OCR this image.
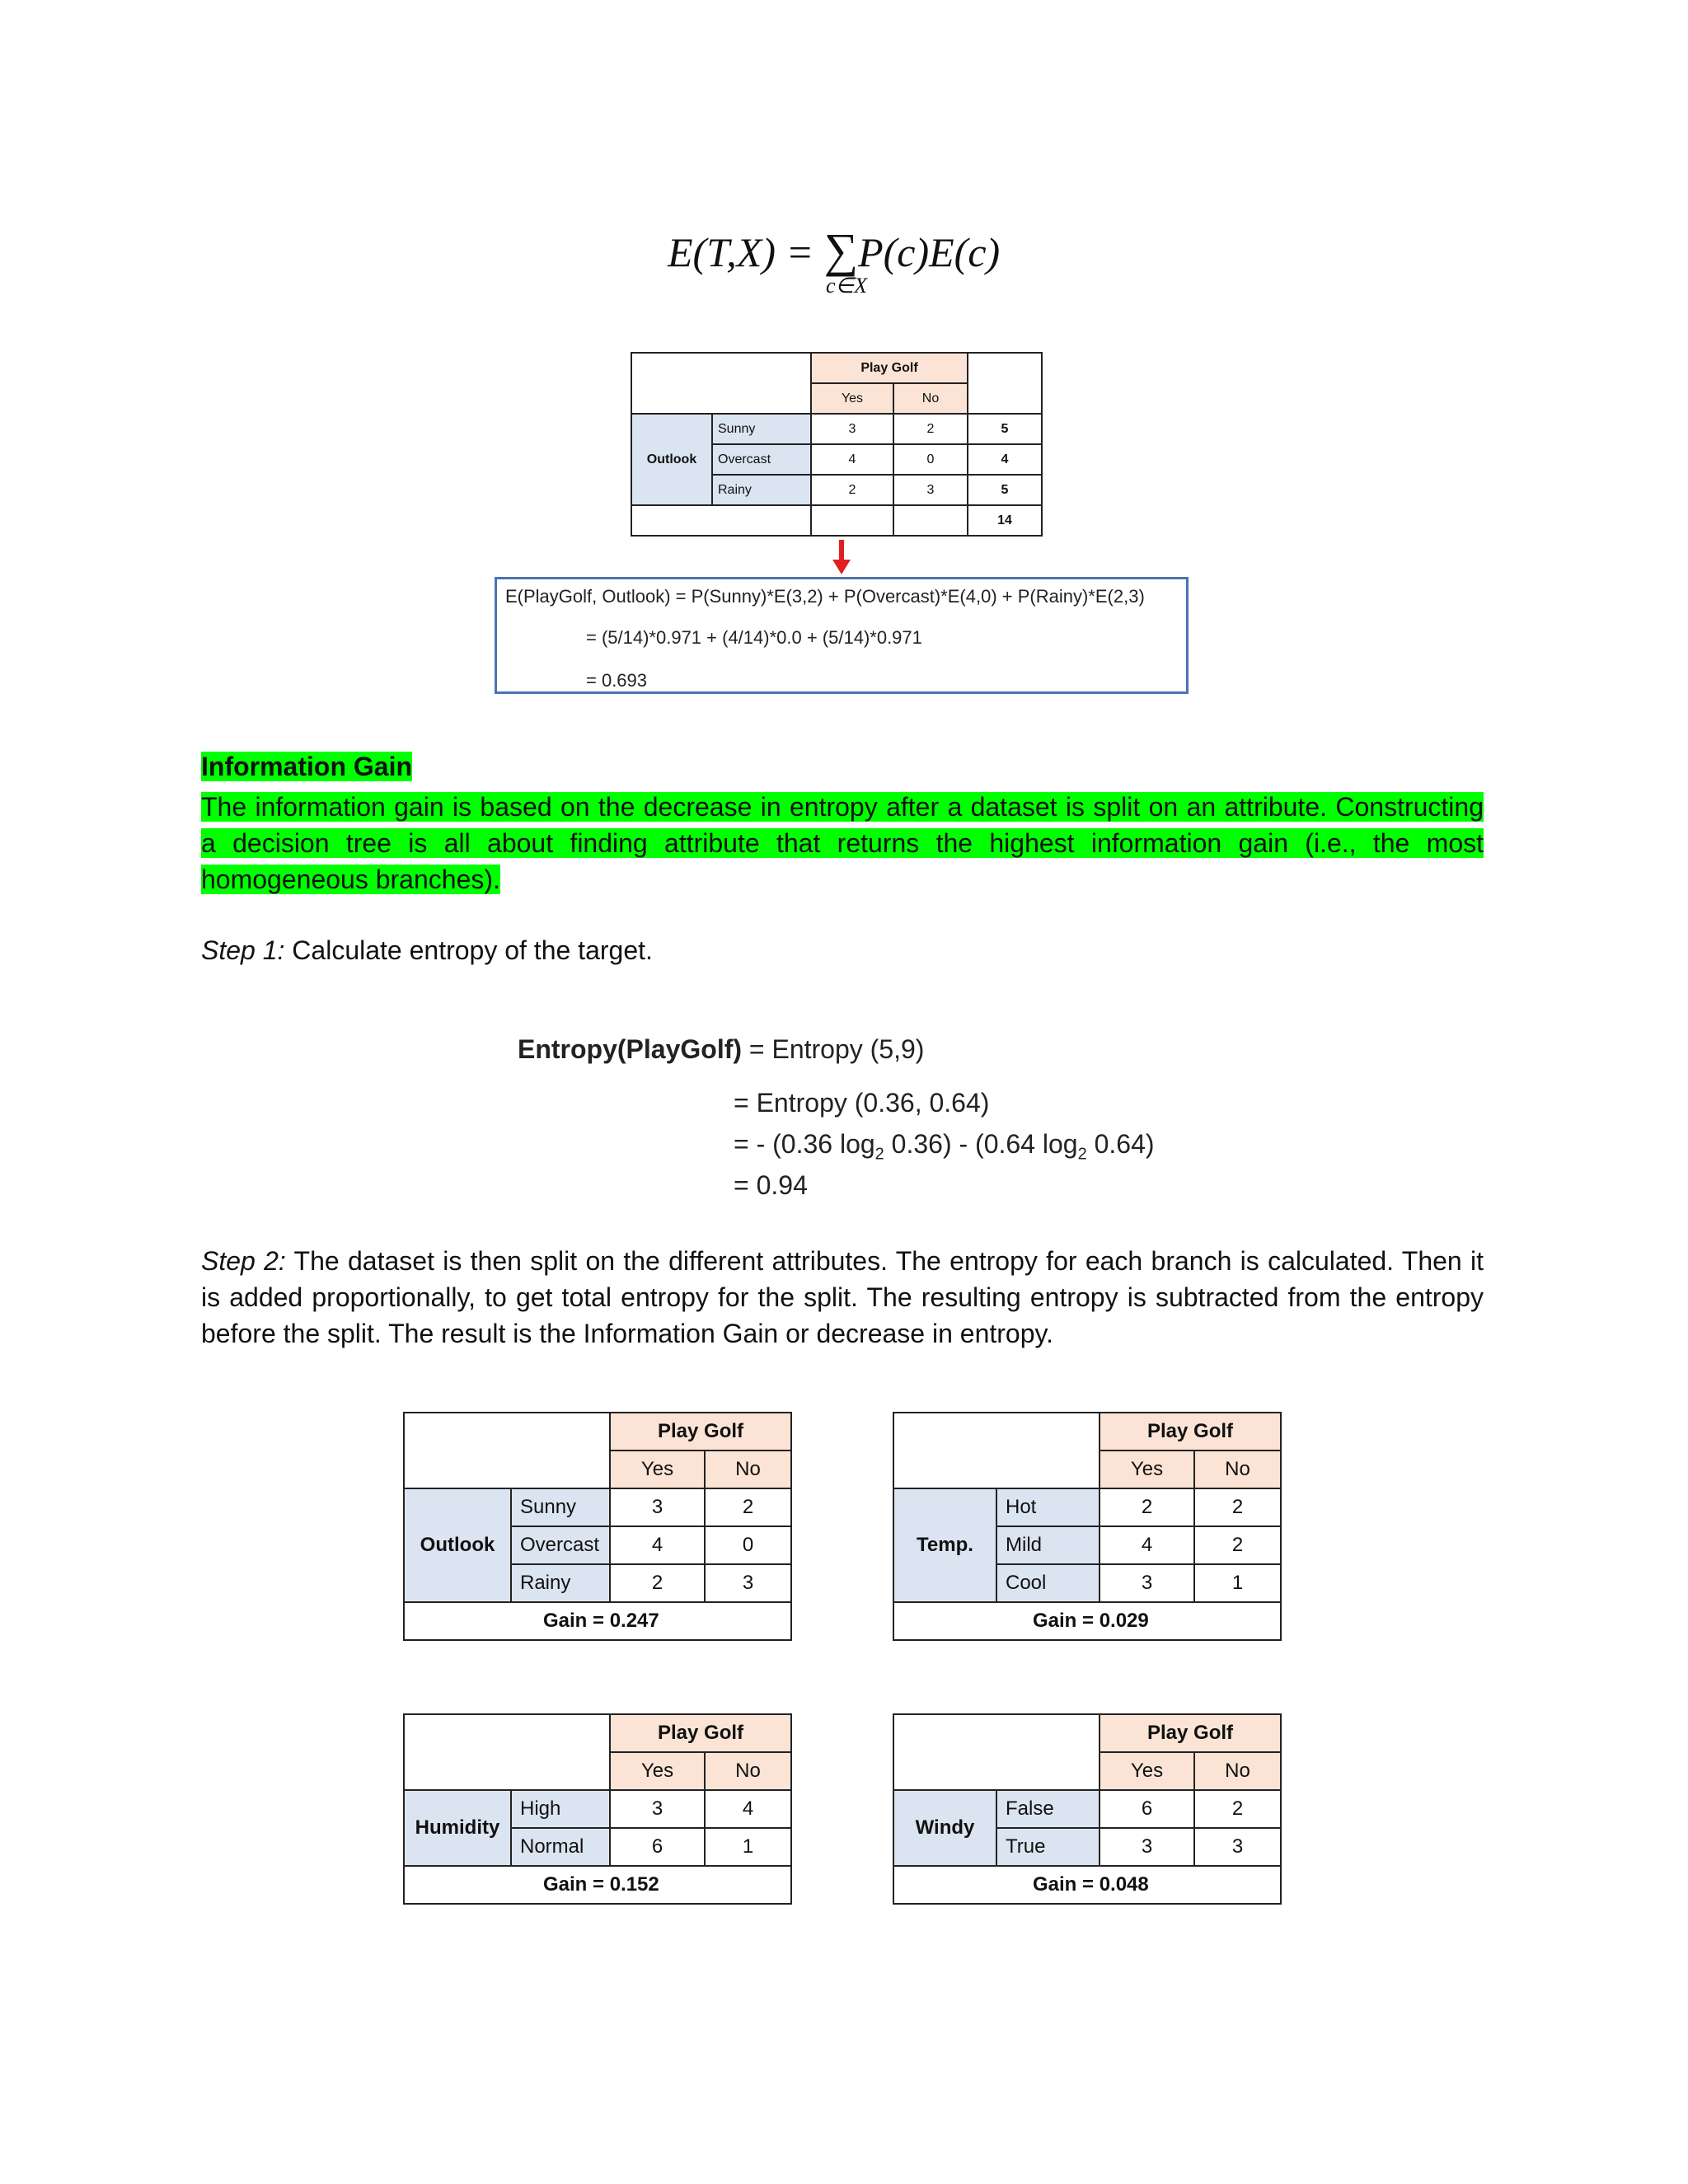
E(T,X) = ∑P(c)E(c)
c∈X
		Play Golf		
		Yes	No	
Outlook	Sunny	3	2	5
	Overcast	4	0	4
	Rainy	2	3	5
				14
E(PlayGolf, Outlook) = P(Sunny)*E(3,2) + P(Overcast)*E(4,0) + P(Rainy)*E(2,3)
= (5/14)*0.971 + (4/14)*0.0 + (5/14)*0.971
= 0.693
Information Gain
The information gain is based on the decrease in entropy after a dataset is split on an attribute. Constructing a decision tree is all about finding attribute that returns the highest information gain (i.e., the most homogeneous branches).
Step 1: Calculate entropy of the target.
Entropy(PlayGolf) = Entropy (5,9)
= Entropy (0.36, 0.64)
= - (0.36 $\log_2 0.36) - (0.64$ $\log_2 0.64$)
= 0.94
Step 2: The dataset is then split on the different attributes. The entropy for each branch is calculated. Then it is added proportionally, to get total entropy for the split. The resulting entropy is subtracted from the entropy before the split. The result is the Information Gain or decrease in entropy.
		Play Golf	
		Yes	No
Outlook	Sunny	3	2
	Overcast	4	0
	Rainy	2	3
Gain = 0.247			
		Play Golf	
		Yes	No
Temp.	Hot	2	2
	Mild	4	2
	Cool	3	1
Gain = 0.029			
		Play Golf	
		Yes	No
Humidity	High	3	4
	Normal	6	1
Gain = 0.152			
		Play Golf	
		Yes	No
Windy	False	6	2
	True	3	3
Gain = 0.048			
